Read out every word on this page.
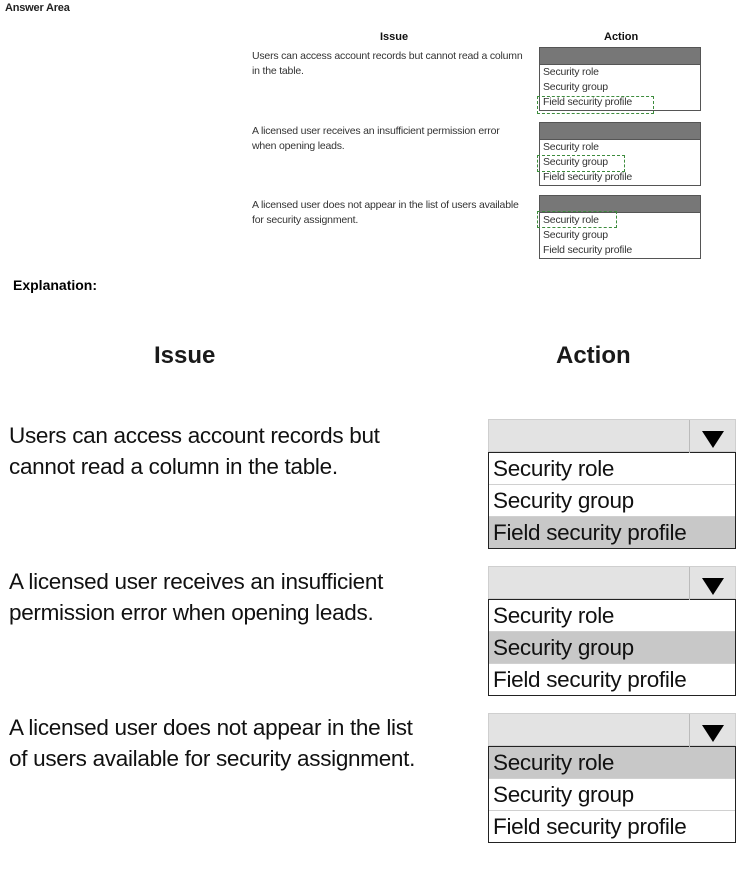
Answer Area
Issue	Action
Users can access account records but cannot read a column in the table.	Security role
Security group
Field security profile
A licensed user receives an insufficient permission error when opening leads.	Security role
Security group
Field security profile
A licensed user does not appear in the list of users available for security assignment.	Security role
Security group
Field security profile
Explanation:
Issue	Action
Users can access account records but
cannot read a column in the table.	Security role
Security group
Field security profile
A licensed user receives an insufficient
permission error when opening leads.	Security role
Security group
Field security profile
A licensed user does not appear in the list
of users available for security assignment.	Security role
Security group
Field security profile
